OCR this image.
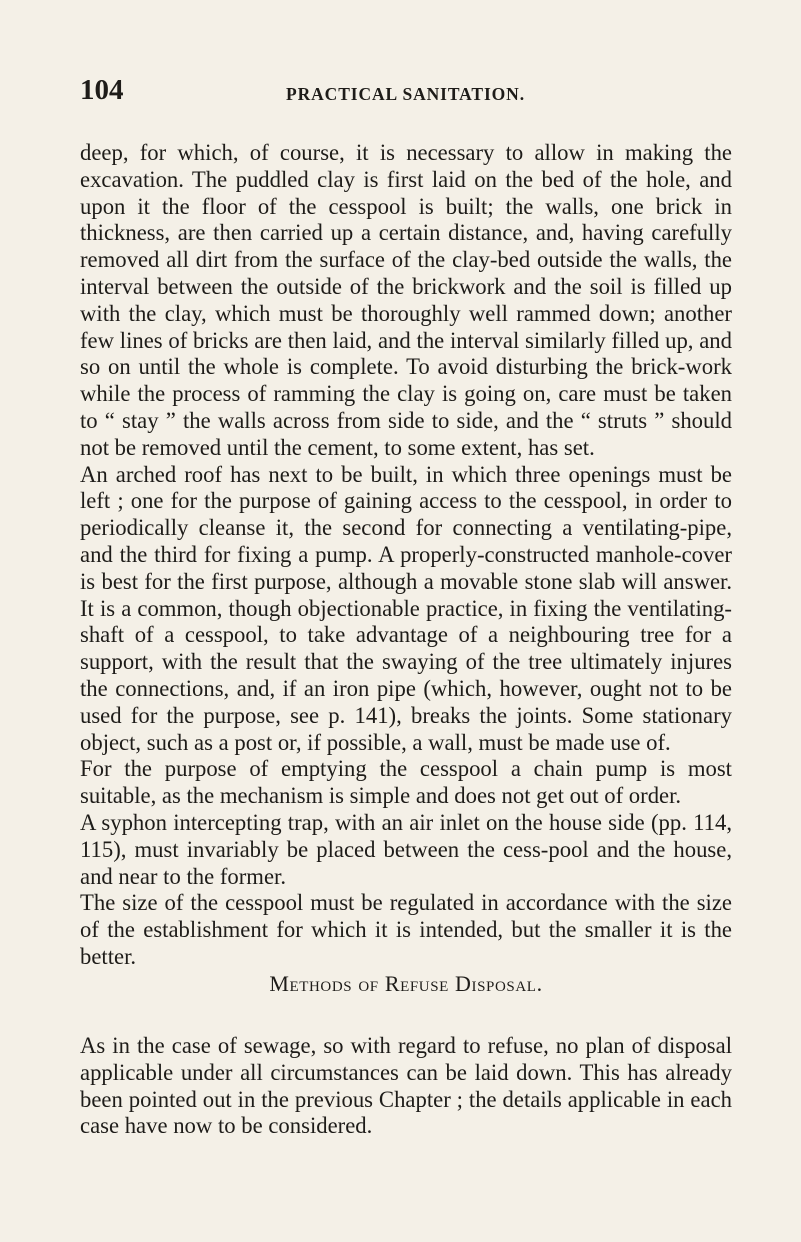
104	PRACTICAL SANITATION.

deep, for which, of course, it is necessary to allow in making the excavation. The puddled clay is first laid on the bed of the hole, and upon it the floor of the cesspool is built; the walls, one brick in thickness, are then carried up a certain distance, and, having carefully removed all dirt from the surface of the clay-bed outside the walls, the interval between the outside of the brickwork and the soil is filled up with the clay, which must be thoroughly well rammed down; another few lines of bricks are then laid, and the interval similarly filled up, and so on until the whole is complete. To avoid disturbing the brick-work while the process of ramming the clay is going on, care must be taken to “ stay ” the walls across from side to side, and the “ struts ” should not be removed until the cement, to some extent, has set.

An arched roof has next to be built, in which three openings must be left ; one for the purpose of gaining access to the cesspool, in order to periodically cleanse it, the second for connecting a ventilating-pipe, and the third for fixing a pump. A properly-constructed manhole-cover is best for the first purpose, although a movable stone slab will answer. It is a common, though objectionable practice, in fixing the ventilating-shaft of a cesspool, to take advantage of a neighbouring tree for a support, with the result that the swaying of the tree ultimately injures the connections, and, if an iron pipe (which, however, ought not to be used for the purpose, see p. 141), breaks the joints. Some stationary object, such as a post or, if possible, a wall, must be made use of.

For the purpose of emptying the cesspool a chain pump is most suitable, as the mechanism is simple and does not get out of order.

A syphon intercepting trap, with an air inlet on the house side (pp. 114, 115), must invariably be placed between the cess-pool and the house, and near to the former.

The size of the cesspool must be regulated in accordance with the size of the establishment for which it is intended, but the smaller it is the better.

Methods of Refuse Disposal.

As in the case of sewage, so with regard to refuse, no plan of disposal applicable under all circumstances can be laid down. This has already been pointed out in the previous Chapter ; the details applicable in each case have now to be considered.
